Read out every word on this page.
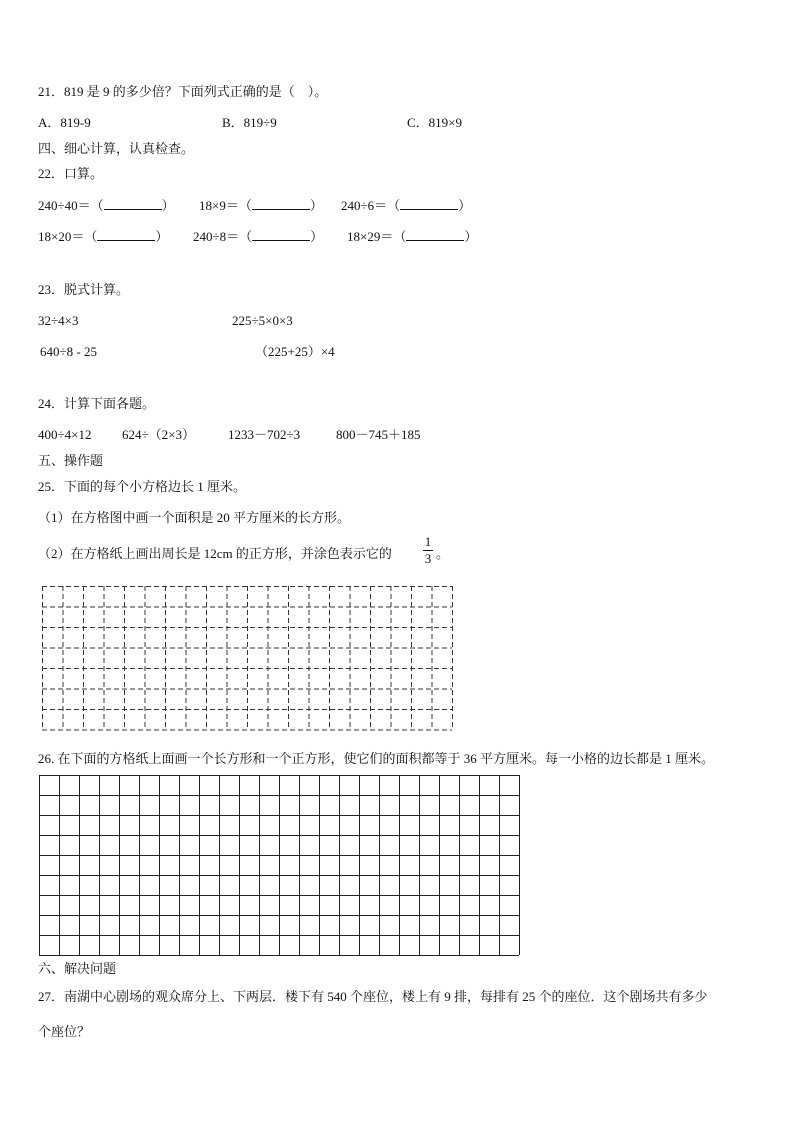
21．819 是 9 的多少倍？下面列式正确的是（　）。
A．819-9	B．819÷9	C．819×9
四、细心计算，认真检查。
22．口算。
240÷40＝（	） 18×9＝（	） 240÷6＝（	）
18×20＝（	） 240÷8＝（	） 18×29＝（	）
23．脱式计算。
32÷4×3	225÷5×0×3
640÷8 - 25	（225+25）×4
24．计算下面各题。
400÷4×12 624÷（2×3）	1233－702÷3	800－745＋185
五、操作题
25．下面的每个小方格边长 1 厘米。
（1）在方格图中画一个面积是 20 平方厘米的长方形。
（2）在方格纸上画出周长是 12cm 的正方形，并涂色表示它的
1
3 。
26. 在下面的方格纸上面画一个长方形和一个正方形，使它们的面积都等于 36 平方厘米。每一小格的边长都是 1 厘米。
六、解决问题
27．南湖中心剧场的观众席分上、下两层．楼下有 540 个座位，楼上有 9 排，每排有 25 个的座位．这个剧场共有多少
个座位？
